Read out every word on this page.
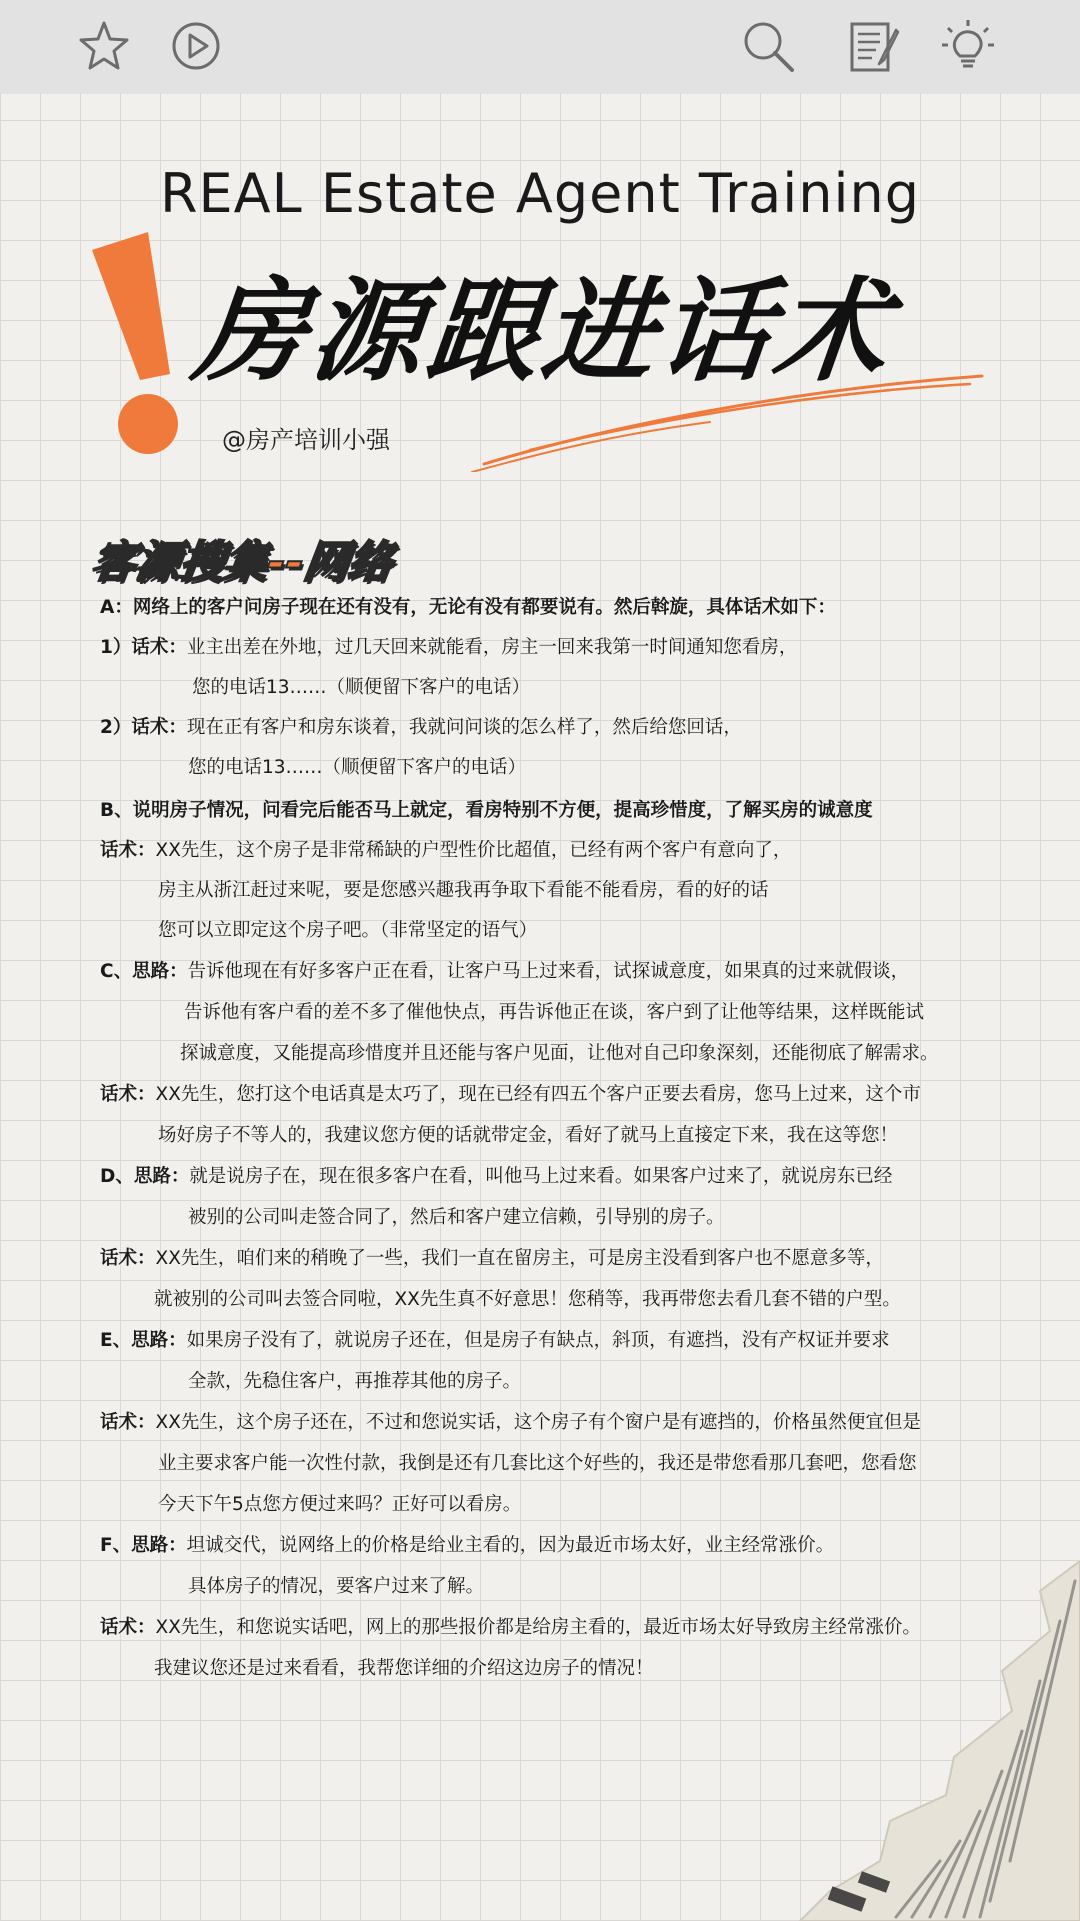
REAL Estate Agent Training
房源跟进话术
@房产培训小强
客源搜集--网络
A：网络上的客户问房子现在还有没有，无论有没有都要说有。然后斡旋，具体话术如下：
1）话术：业主出差在外地，过几天回来就能看，房主一回来我第一时间通知您看房，
您的电话13……（顺便留下客户的电话）
2）话术：现在正有客户和房东谈着，我就问问谈的怎么样了，然后给您回话，
您的电话13……（顺便留下客户的电话）
B、说明房子情况，问看完后能否马上就定，看房特别不方便，提高珍惜度，了解买房的诚意度
话术：XX先生，这个房子是非常稀缺的户型性价比超值，已经有两个客户有意向了，
房主从浙江赶过来呢，要是您感兴趣我再争取下看能不能看房，看的好的话
您可以立即定这个房子吧。（非常坚定的语气）
C、思路：告诉他现在有好多客户正在看，让客户马上过来看，试探诚意度，如果真的过来就假谈，
告诉他有客户看的差不多了催他快点，再告诉他正在谈，客户到了让他等结果，这样既能试
探诚意度，又能提高珍惜度并且还能与客户见面，让他对自己印象深刻，还能彻底了解需求。
话术：XX先生，您打这个电话真是太巧了，现在已经有四五个客户正要去看房，您马上过来，这个市
场好房子不等人的，我建议您方便的话就带定金，看好了就马上直接定下来，我在这等您！
D、思路：就是说房子在，现在很多客户在看，叫他马上过来看。如果客户过来了，就说房东已经
被别的公司叫走签合同了，然后和客户建立信赖，引导别的房子。
话术：XX先生，咱们来的稍晚了一些，我们一直在留房主，可是房主没看到客户也不愿意多等，
就被别的公司叫去签合同啦，XX先生真不好意思！您稍等，我再带您去看几套不错的户型。
E、思路：如果房子没有了，就说房子还在，但是房子有缺点，斜顶，有遮挡，没有产权证并要求
全款，先稳住客户，再推荐其他的房子。
话术：XX先生，这个房子还在，不过和您说实话，这个房子有个窗户是有遮挡的，价格虽然便宜但是
业主要求客户能一次性付款，我倒是还有几套比这个好些的，我还是带您看那几套吧，您看您
今天下午5点您方便过来吗？正好可以看房。
F、思路：坦诚交代，说网络上的价格是给业主看的，因为最近市场太好，业主经常涨价。
具体房子的情况，要客户过来了解。
话术：XX先生，和您说实话吧，网上的那些报价都是给房主看的，最近市场太好导致房主经常涨价。
我建议您还是过来看看，我帮您详细的介绍这边房子的情况！
